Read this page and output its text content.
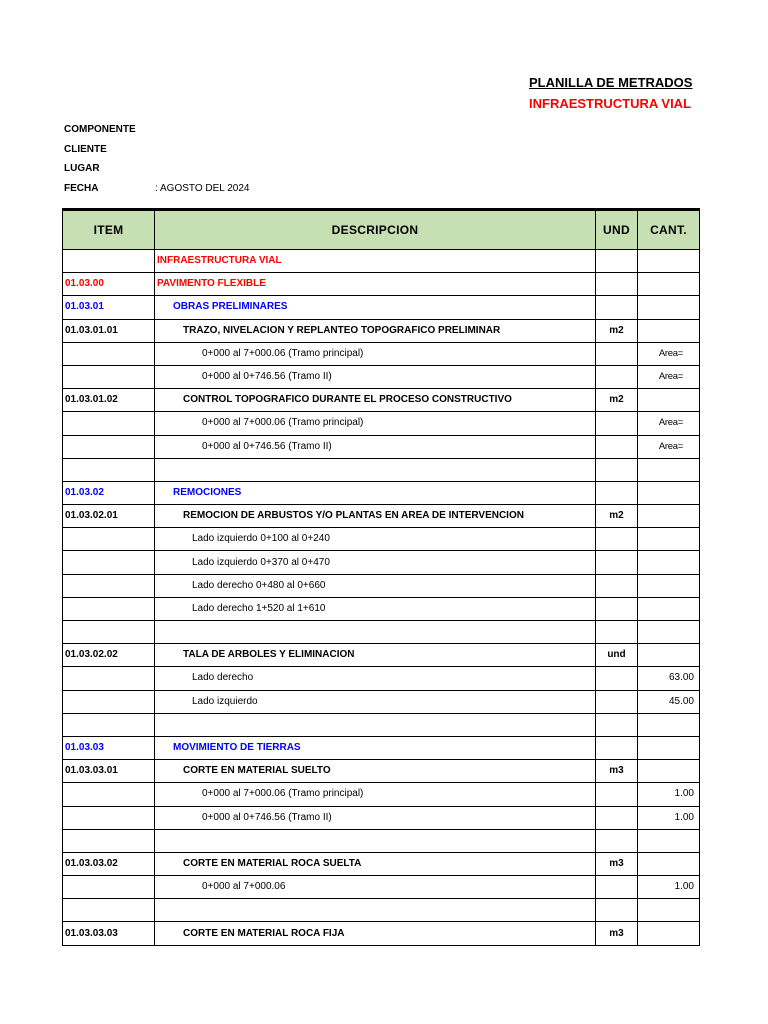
PLANILLA DE METRADOS
INFRAESTRUCTURA VIAL
COMPONENTE
CLIENTE
LUGAR
FECHA	: AGOSTO DEL 2024
ITEM	DESCRIPCION	UND	CANT.
	INFRAESTRUCTURA VIAL		
01.03.00	PAVIMENTO FLEXIBLE		
01.03.01	OBRAS PRELIMINARES		
01.03.01.01	TRAZO, NIVELACION Y REPLANTEO TOPOGRAFICO PRELIMINAR	m2	
	0+000 al 7+000.06 (Tramo principal)		Area=
	0+000 al 0+746.56 (Tramo II)		Area=
01.03.01.02	CONTROL TOPOGRAFICO DURANTE EL PROCESO CONSTRUCTIVO	m2	
	0+000 al 7+000.06 (Tramo principal)		Area=
	0+000 al 0+746.56 (Tramo II)		Area=

01.03.02	REMOCIONES		
01.03.02.01	REMOCION DE ARBUSTOS Y/O PLANTAS EN AREA DE INTERVENCION	m2	
	Lado izquierdo 0+100 al 0+240		
	Lado izquierdo 0+370 al 0+470		
	Lado derecho 0+480 al 0+660		
	Lado derecho 1+520 al 1+610		

01.03.02.02	TALA DE ARBOLES Y ELIMINACION	und	
	Lado derecho		63.00
	Lado izquierdo		45.00

01.03.03	MOVIMIENTO DE TIERRAS		
01.03.03.01	CORTE EN MATERIAL SUELTO	m3	
	0+000 al 7+000.06 (Tramo principal)		1.00
	0+000 al 0+746.56 (Tramo II)		1.00

01.03.03.02	CORTE EN MATERIAL ROCA SUELTA	m3	
	0+000 al 7+000.06		1.00

01.03.03.03	CORTE EN MATERIAL ROCA FIJA	m3	
